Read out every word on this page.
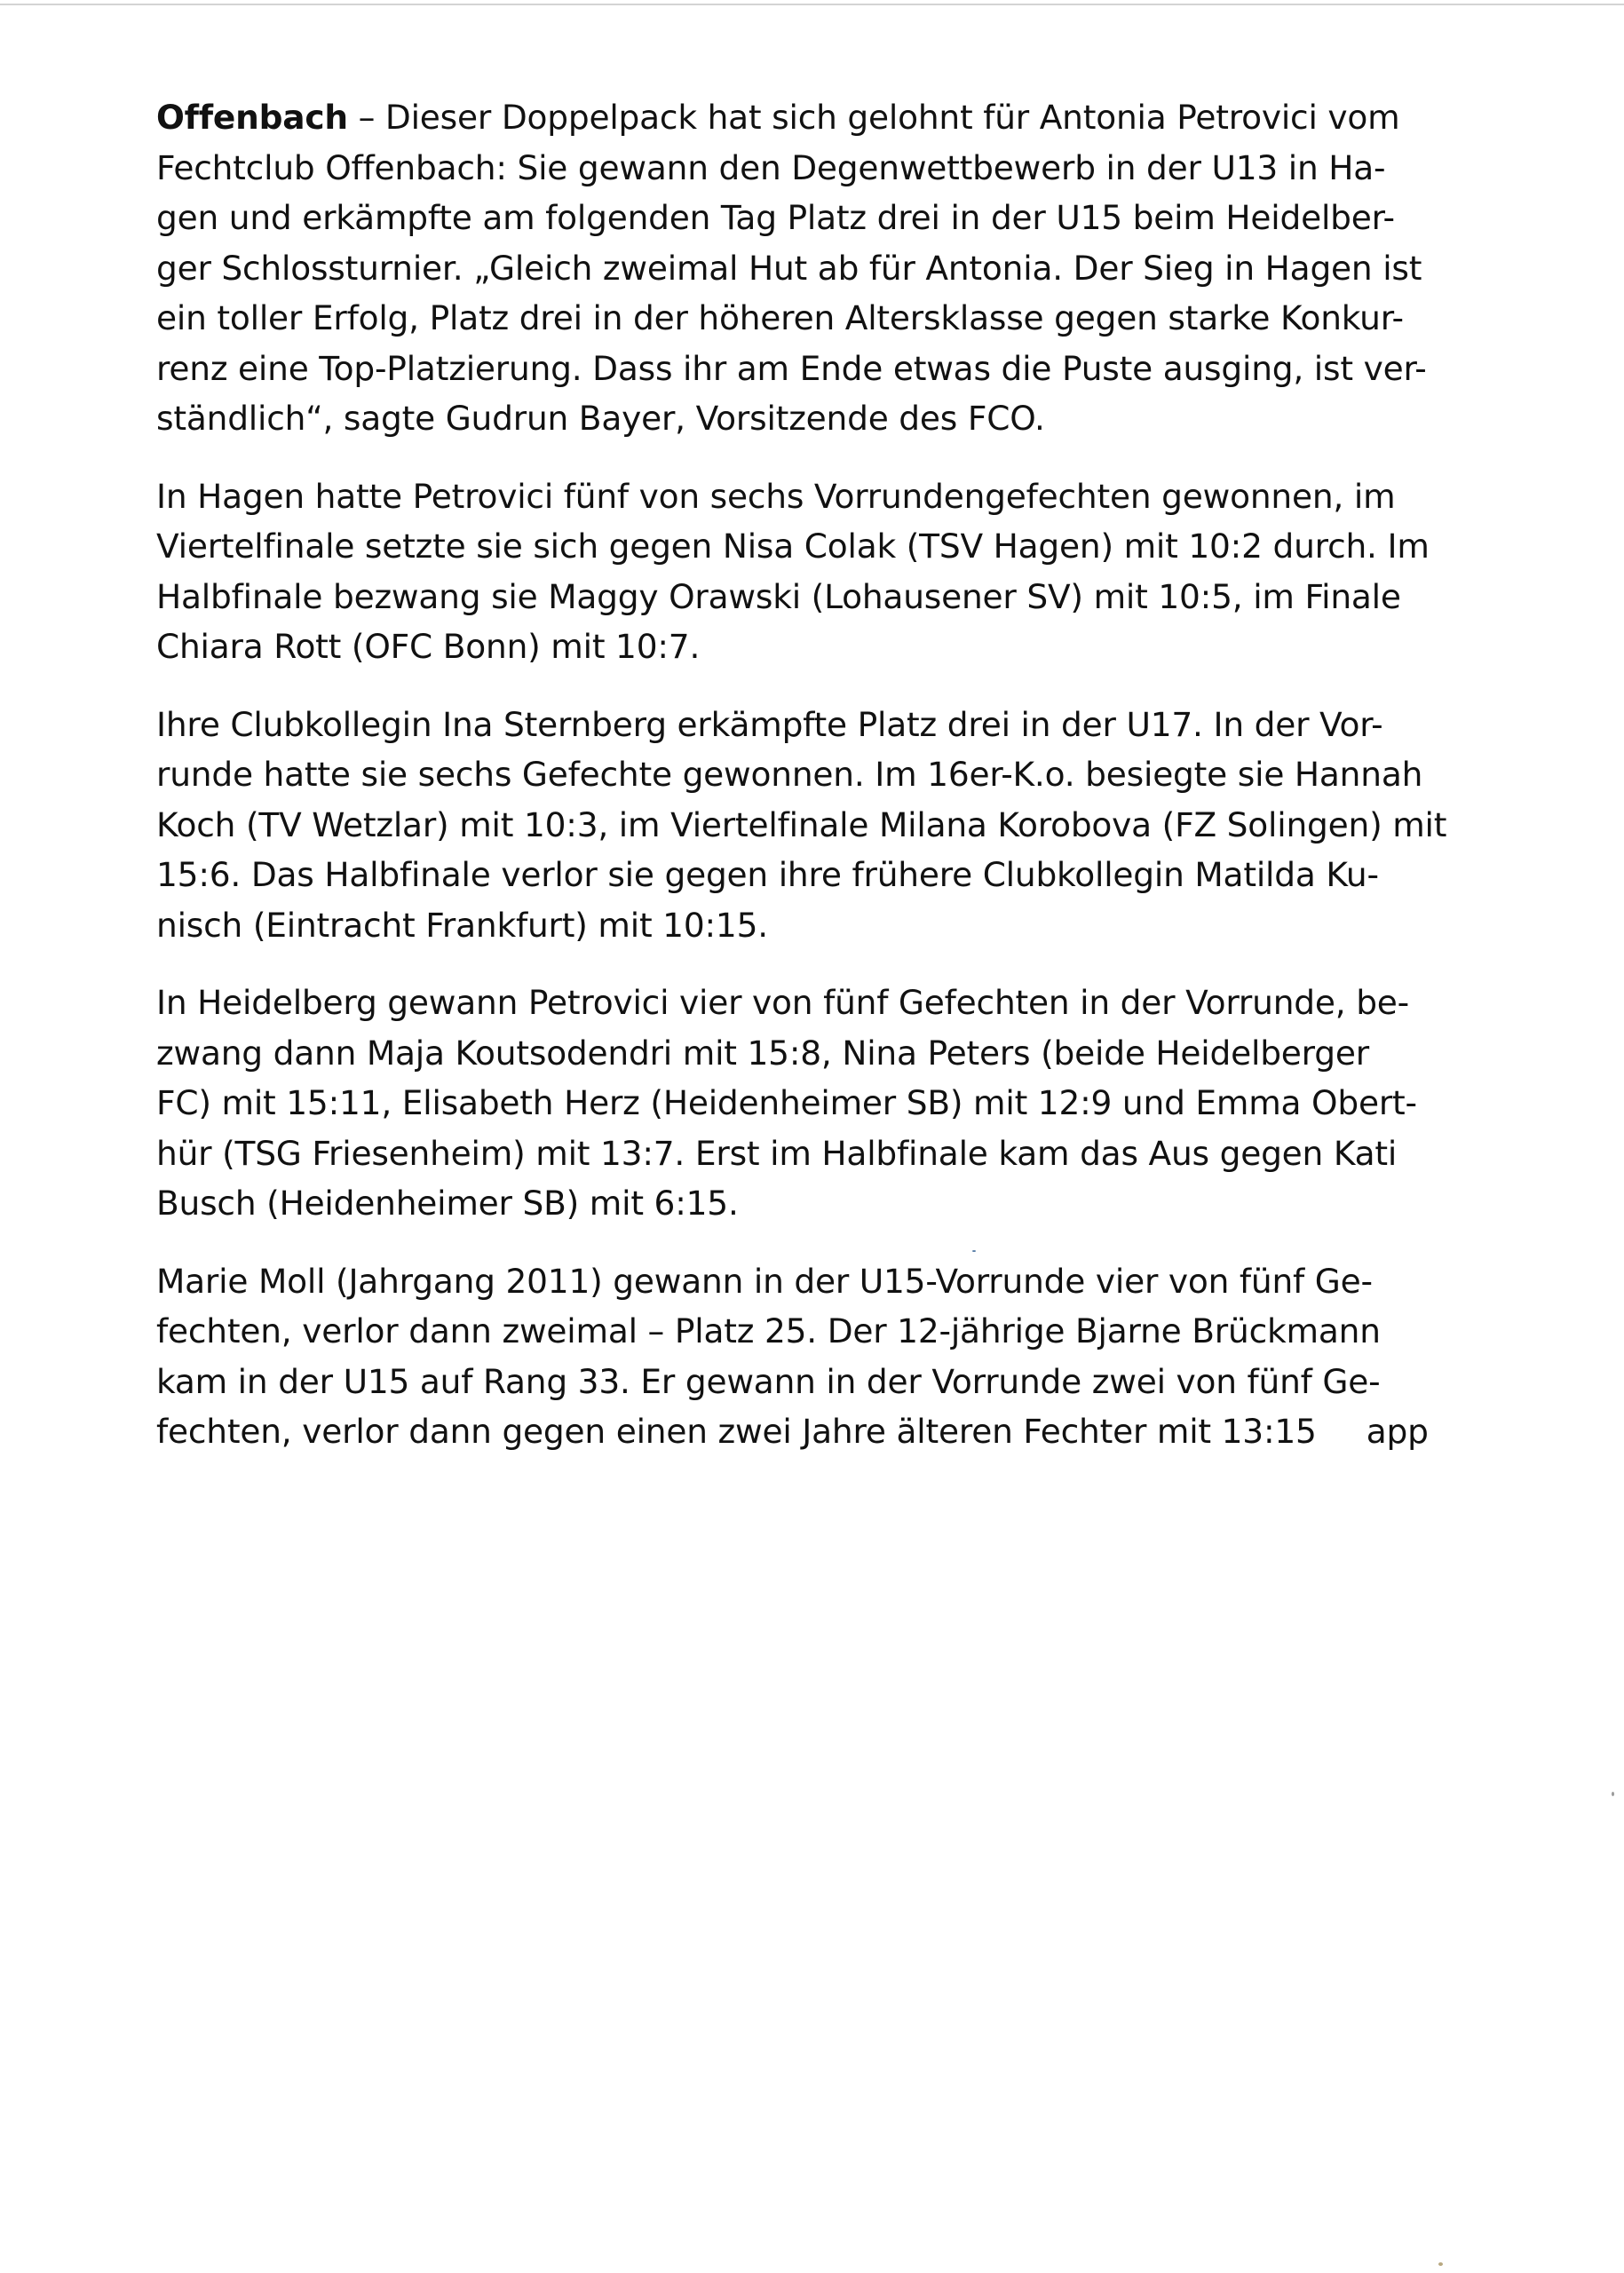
Offenbach – Dieser Doppelpack hat sich gelohnt für Antonia Petrovici vom
Fechtclub Offenbach: Sie gewann den Degenwettbewerb in der U13 in Ha-
gen und erkämpfte am folgenden Tag Platz drei in der U15 beim Heidelber-
ger Schlossturnier. „Gleich zweimal Hut ab für Antonia. Der Sieg in Hagen ist
ein toller Erfolg, Platz drei in der höheren Altersklasse gegen starke Konkur-
renz eine Top-Platzierung. Dass ihr am Ende etwas die Puste ausging, ist ver-
ständlich“, sagte Gudrun Bayer, Vorsitzende des FCO.

In Hagen hatte Petrovici fünf von sechs Vorrundengefechten gewonnen, im
Viertelfinale setzte sie sich gegen Nisa Colak (TSV Hagen) mit 10:2 durch. Im
Halbfinale bezwang sie Maggy Orawski (Lohausener SV) mit 10:5, im Finale
Chiara Rott (OFC Bonn) mit 10:7.

Ihre Clubkollegin Ina Sternberg erkämpfte Platz drei in der U17. In der Vor-
runde hatte sie sechs Gefechte gewonnen. Im 16er-K.o. besiegte sie Hannah
Koch (TV Wetzlar) mit 10:3, im Viertelfinale Milana Korobova (FZ Solingen) mit
15:6. Das Halbfinale verlor sie gegen ihre frühere Clubkollegin Matilda Ku-
nisch (Eintracht Frankfurt) mit 10:15.

In Heidelberg gewann Petrovici vier von fünf Gefechten in der Vorrunde, be-
zwang dann Maja Koutsodendri mit 15:8, Nina Peters (beide Heidelberger
FC) mit 15:11, Elisabeth Herz (Heidenheimer SB) mit 12:9 und Emma Obert-
hür (TSG Friesenheim) mit 13:7. Erst im Halbfinale kam das Aus gegen Kati
Busch (Heidenheimer SB) mit 6:15.

Marie Moll (Jahrgang 2011) gewann in der U15-Vorrunde vier von fünf Ge-
fechten, verlor dann zweimal – Platz 25. Der 12-jährige Bjarne Brückmann
kam in der U15 auf Rang 33. Er gewann in der Vorrunde zwei von fünf Ge-
fechten, verlor dann gegen einen zwei Jahre älteren Fechter mit 13:15 app
